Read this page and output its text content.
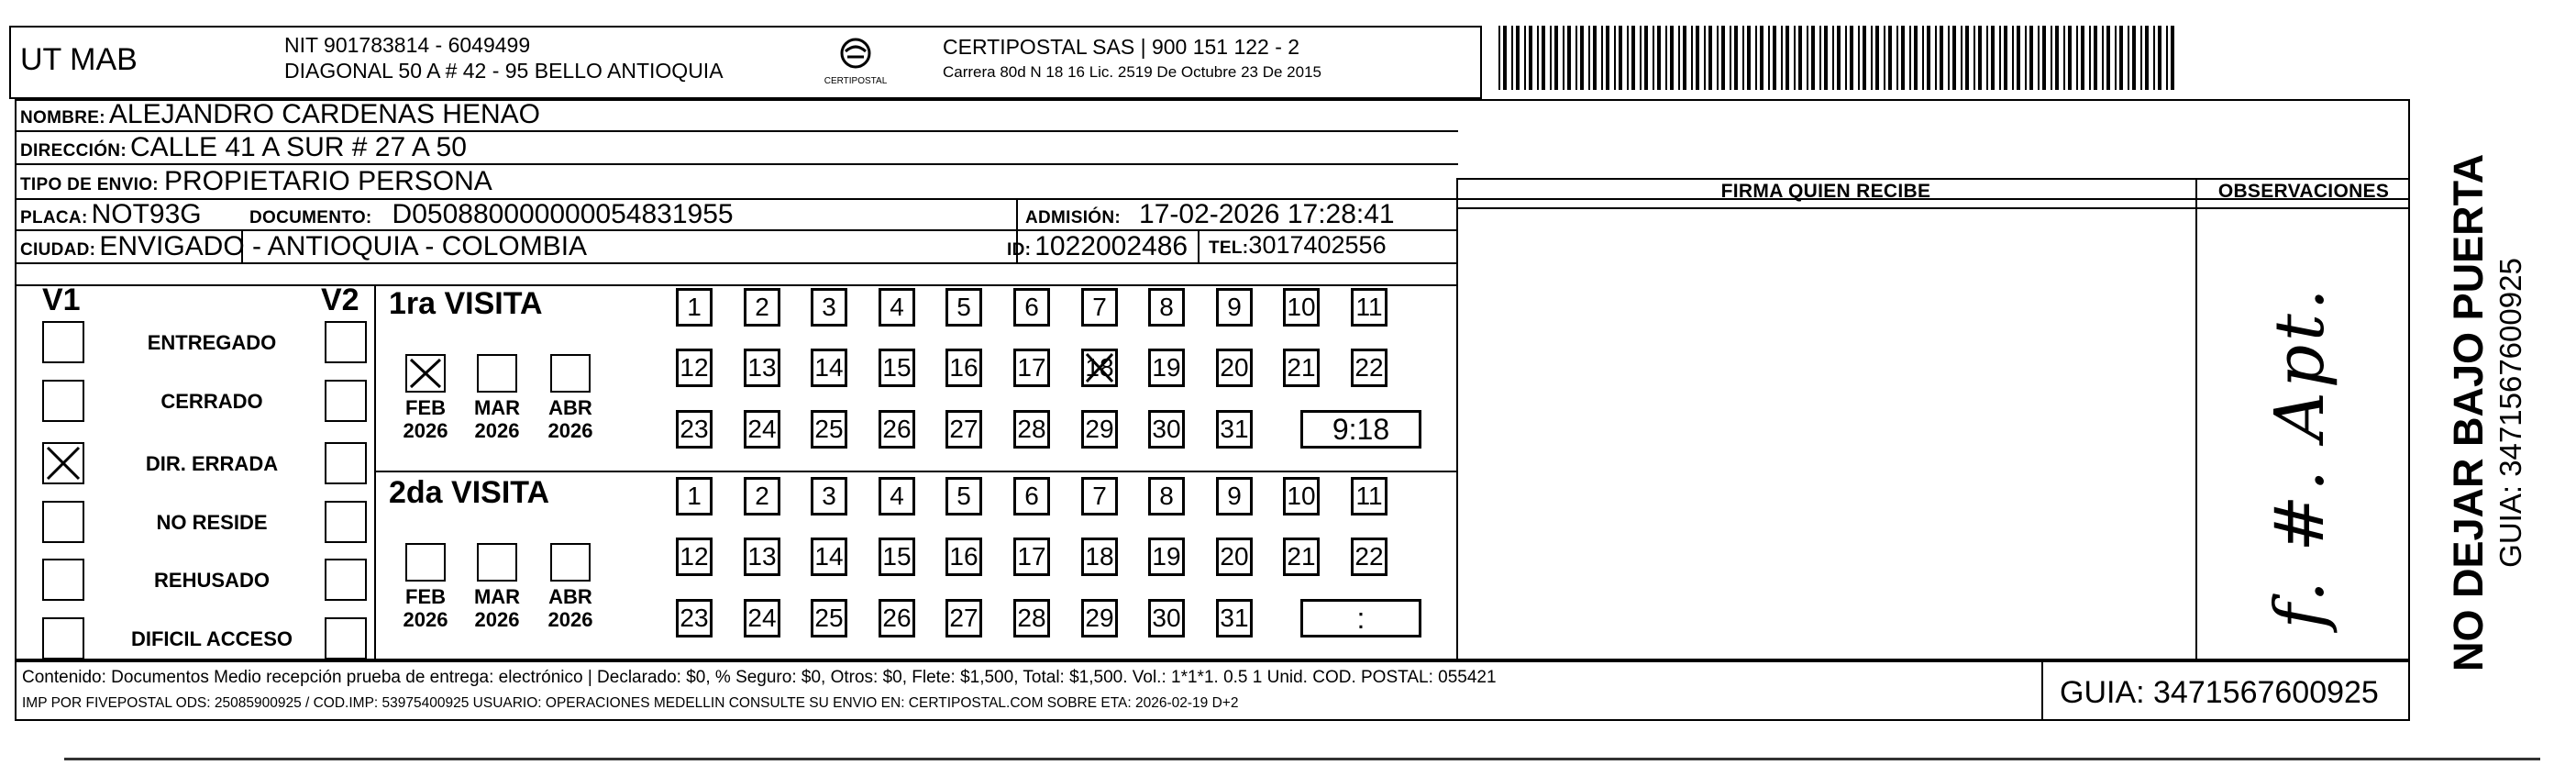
UT MAB	NIT 901783814 - 6049499
DIAGONAL 50 A # 42 - 95 BELLO ANTIOQUIA	CERTIPOSTAL
CERTIPOSTAL SAS | 900 151 122 - 2
Carrera 80d N 18 16 Lic. 2519 De Octubre 23 De 2015
NOMBRE: ALEJANDRO CARDENAS HENAO
DIRECCIÓN: CALLE 41 A SUR # 27 A 50
TIPO DE ENVIO: PROPIETARIO PERSONA
PLACA: NOT93G	DOCUMENTO: D050880000000054831955	ADMISIÓN: 17-02-2026 17:28:41
CIUDAD: ENVIGADO - ANTIOQUIA - COLOMBIA	ID: 1022002486 TEL: 3017402556
FIRMA QUIEN RECIBE	OBSERVACIONES
V1	V2
ENTREGADO
CERRADO
DIR. ERRADA
NO RESIDE
REHUSADO
DIFICIL ACCESO
1ra VISITA
2da VISITA
FEB
2026
MAR
2026
ABR
2026
1	2	3	4	5	6	7	8	9	10 11
12 13 14 15 16 17 18 19 20 21 22
23 24 25 26 27 28 29 30 31	9:18
FEB
2026
MAR
2026
ABR
2026
1	2	3	4	5	6	7	8	9	10 11
12 13 14 15 16 17 18 19 20 21 22
23 24 25 26 27 28 29 30 31	:	f. #. Apt.	NO DEJAR BAJO PUERTA GUIA: 3471567600925
Contenido: Documentos Medio recepción prueba de entrega: electrónico | Declarado: $0, % Seguro: $0, Otros: $0, Flete: $1,500, Total: $1,500. Vol.: 1*1*1. 0.5 1 Unid. COD. POSTAL: 055421
IMP POR FIVEPOSTAL ODS: 25085900925 / COD.IMP: 53975400925 USUARIO: OPERACIONES MEDELLIN CONSULTE SU ENVIO EN: CERTIPOSTAL.COM SOBRE ETA: 2026-02-19 D+2	GUIA: 3471567600925
